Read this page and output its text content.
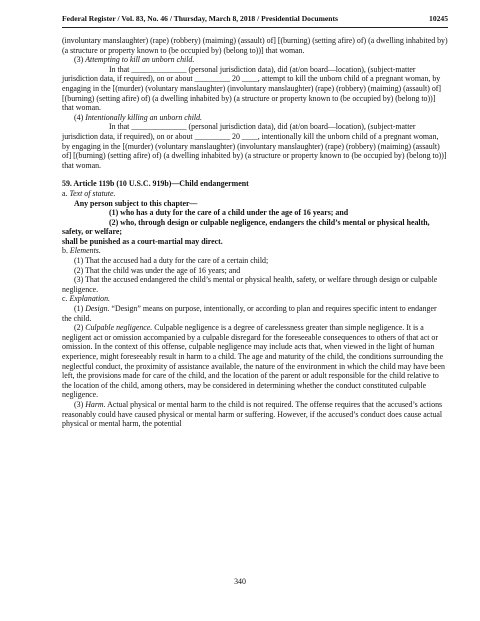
Federal Register / Vol. 83, No. 46 / Thursday, March 8, 2018 / Presidential Documents	10245

(involuntary manslaughter) (rape) (robbery) (maiming) (assault) of] [(burning) (setting afire) of) (a dwelling inhabited by) (a structure or property known to (be occupied by) (belong to))] that woman.

(3) Attempting to kill an unborn child.

In that ______________ (personal jurisdiction data), did (at/on board—location), (subject-matter jurisdiction data, if required), on or about _________ 20 ____, attempt to kill the unborn child of a pregnant woman, by engaging in the [(murder) (voluntary manslaughter) (involuntary manslaughter) (rape) (robbery) (maiming) (assault) of] [(burning) (setting afire) of) (a dwelling inhabited by) (a structure or property known to (be occupied by) (belong to))] that woman.

(4) Intentionally killing an unborn child.

In that ______________ (personal jurisdiction data), did (at/on board—location), (subject-matter jurisdiction data, if required), on or about _________ 20 ____, intentionally kill the unborn child of a pregnant woman, by engaging in the [(murder) (voluntary manslaughter) (involuntary manslaughter) (rape) (robbery) (maiming) (assault) of] [(burning) (setting afire) of) (a dwelling inhabited by) (a structure or property known to (be occupied by) (belong to))] that woman.

59. Article 119b (10 U.S.C. 919b)—Child endangerment

a. Text of statute.

Any person subject to this chapter—

(1) who has a duty for the care of a child under the age of 16 years; and

(2) who, through design or culpable negligence, endangers the child’s mental or physical health, safety, or welfare;

shall be punished as a court-martial may direct.

b. Elements.

(1) That the accused had a duty for the care of a certain child;

(2) That the child was under the age of 16 years; and

(3) That the accused endangered the child’s mental or physical health, safety, or welfare through design or culpable negligence.

c. Explanation.

(1) Design. “Design” means on purpose, intentionally, or according to plan and requires specific intent to endanger the child.

(2) Culpable negligence. Culpable negligence is a degree of carelessness greater than simple negligence. It is a negligent act or omission accompanied by a culpable disregard for the foreseeable consequences to others of that act or omission. In the context of this offense, culpable negligence may include acts that, when viewed in the light of human experience, might foreseeably result in harm to a child. The age and maturity of the child, the conditions surrounding the neglectful conduct, the proximity of assistance available, the nature of the environment in which the child may have been left, the provisions made for care of the child, and the location of the parent or adult responsible for the child relative to the location of the child, among others, may be considered in determining whether the conduct constituted culpable negligence.

(3) Harm. Actual physical or mental harm to the child is not required. The offense requires that the accused’s actions reasonably could have caused physical or mental harm or suffering. However, if the accused’s conduct does cause actual physical or mental harm, the potential

340
